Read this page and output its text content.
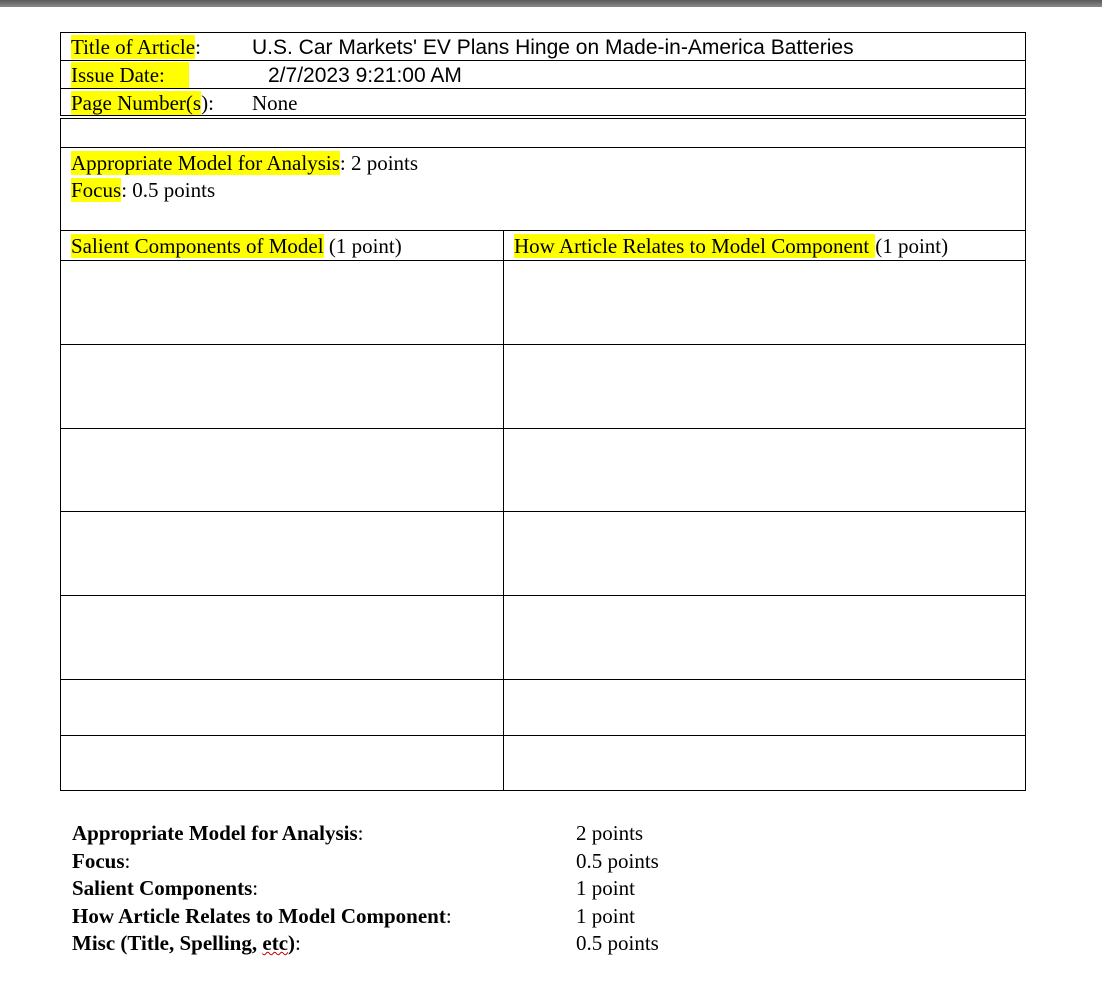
Title of Article: U.S. Car Markets' EV Plans Hinge on Made-in-America Batteries
Issue Date:	2/7/2023 9:21:00 AM
Page Number(s): None
Appropriate Model for Analysis: 2 points
Focus: 0.5 points
Salient Components of Model (1 point)	How Article Relates to Model Component (1 point)
Appropriate Model for Analysis:	2 points
Focus:	0.5 points
Salient Components:	1 point
How Article Relates to Model Component:	1 point
Misc (Title, Spelling, etc):	0.5 points
